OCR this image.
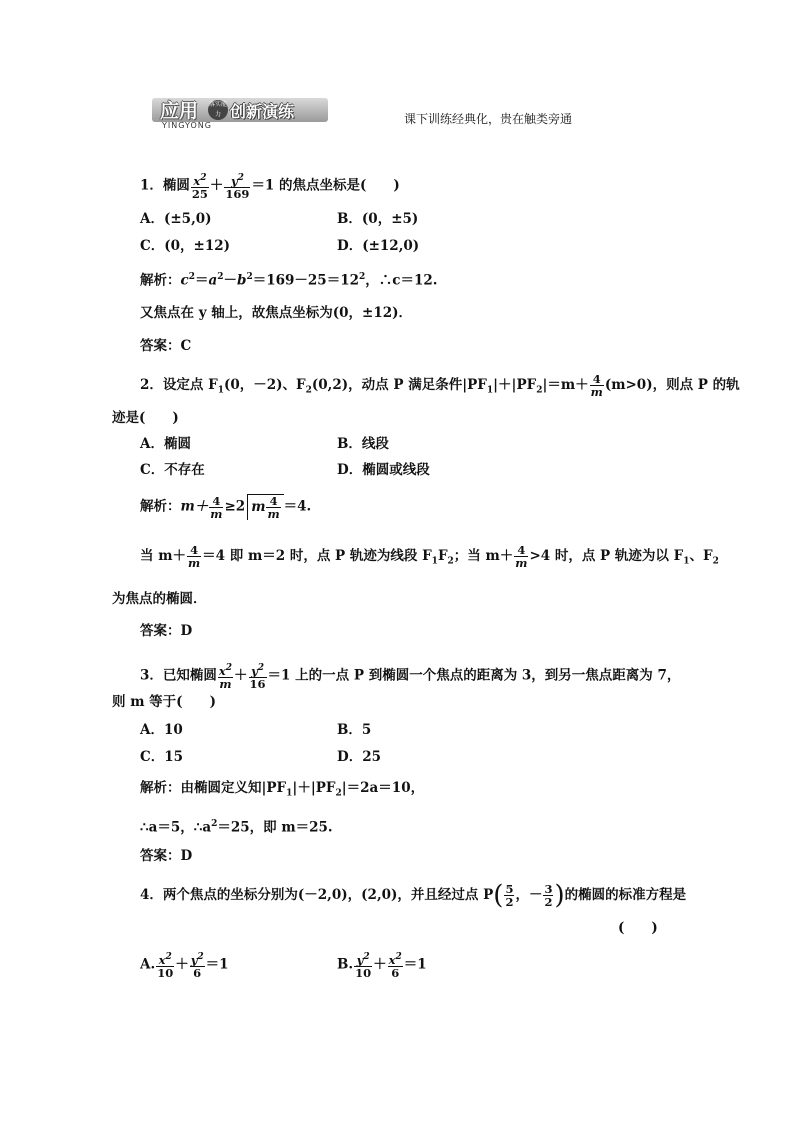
应用
YINGYONG
落实能力 创新演练	课下训练经典化，贵在触类旁通
1．椭圆 $\frac{x^2}{25} + \frac{y^2}{169} =1$ 的焦点坐标是(　　)
A．(±5,0)	B．(0，±5)
C．(0，±12)	D．(±12,0)
解析：$c^2=a^2-b^2=169-25=12^2$，∴c＝12.
又焦点在 y 轴上，故焦点坐标为(0，±12)．
答案：C
2．设定点 $F_1(0$，－2)、$F_2(0,2)$，动点 P 满足条件$|PF_1|+|PF_2|=m+ \frac{4}{m} (m>0)$，则点 P 的轨
迹是(　　)
A．椭圆	B．线段
C．不存在	D．椭圆或线段
解析：$m+ \frac{4}{m} \ge 2$ m $\frac{4}{m} =4$.
当 $m+ \frac{4}{m} =4$ 即 m＝2 时，点 P 轨迹为线段 $F_1F_2$；当 $m+ \frac{4}{m} >4$ 时，点 P 轨迹为以 $F_1$、$F_2$
为焦点的椭圆．
答案：D
3．已知椭圆 $\frac{x^2}{m} + \frac{y^2}{16} =1$ 上的一点 P 到椭圆一个焦点的距离为 3，到另一焦点距离为 7，
则 m 等于(　　)
A．10	B．5
C．15	D．25
解析：由椭圆定义知$|PF_1|+|PF_2|=2a=10$，
∴a＝5，$\therefore a^2=25$，即 m＝25.
答案：D
4．两个焦点的坐标分别为(－2,0)，(2,0)，并且经过点 $P( \frac{5}{2}$ ，－ $\frac{3}{2}$ )的椭圆的标准方程是
(　　)
A. $\frac{x^2}{10} + \frac{y^2}{6} =1$	B. $\frac{y^2}{10} + \frac{x^2}{6} =1$
